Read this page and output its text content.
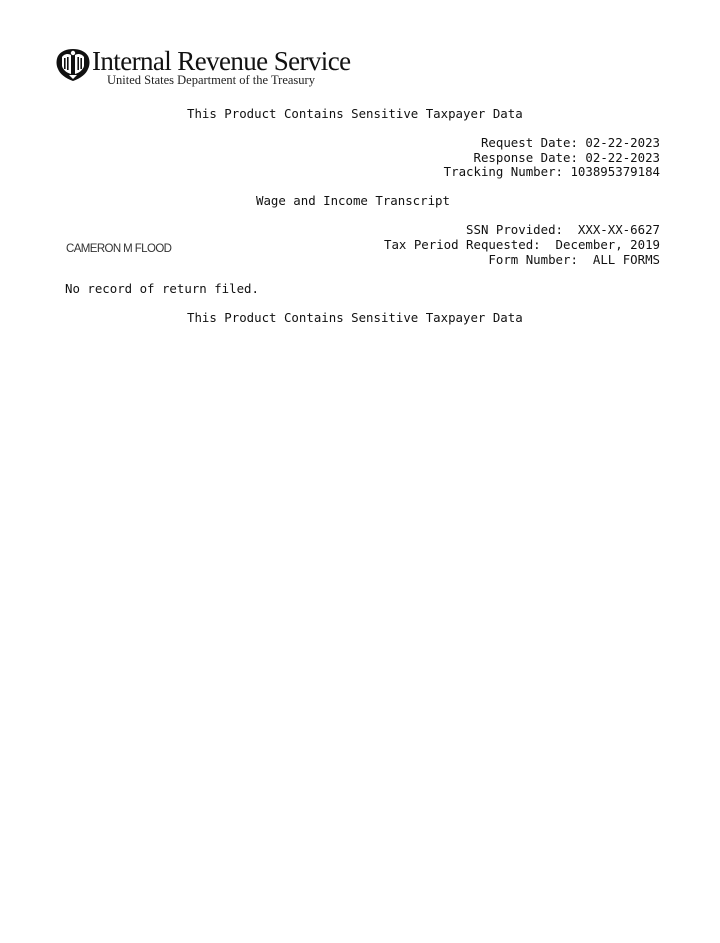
Internal Revenue Service
United States Department of the Treasury
This Product Contains Sensitive Taxpayer Data
Request Date: 02-22-2023
Response Date: 02-22-2023
Tracking Number: 103895379184
Wage and Income Transcript
SSN Provided:  XXX-XX-6627
Tax Period Requested:  December, 2019
Form Number:  ALL FORMS
CAMERON M FLOOD
No record of return filed.
This Product Contains Sensitive Taxpayer Data
